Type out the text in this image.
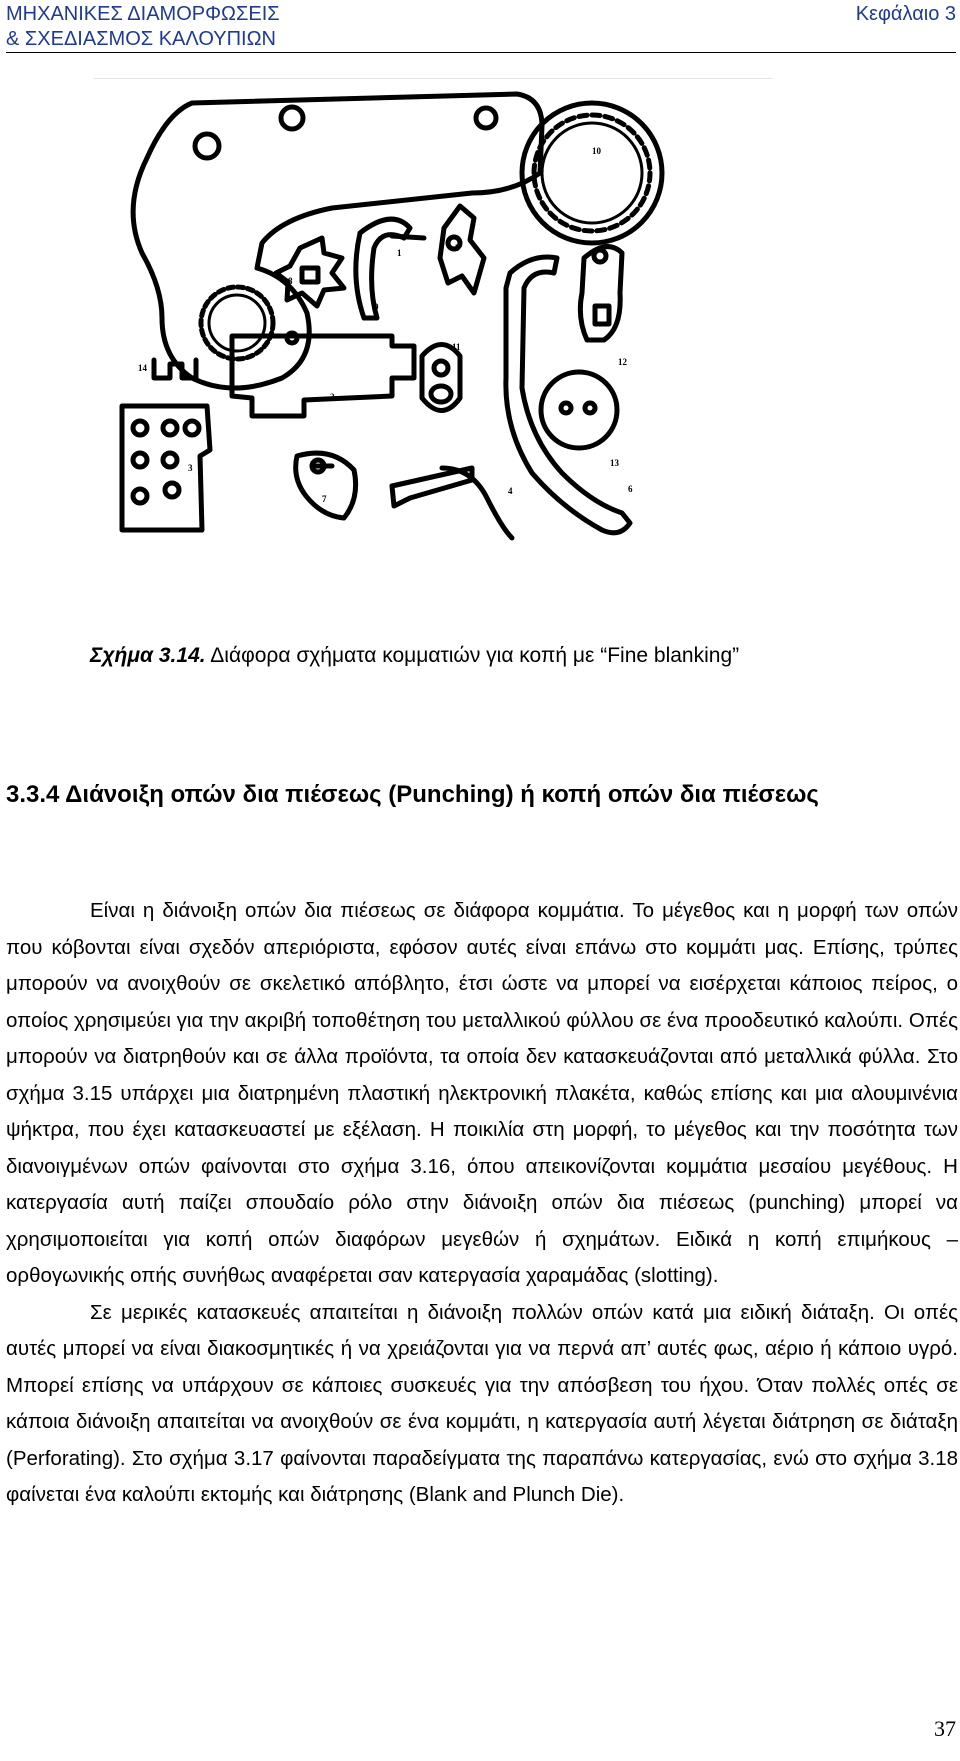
ΜΗΧΑΝΙΚΕΣ ΔΙΑΜΟΡΦΩΣΕΙΣ
& ΣΧΕΔΙΑΣΜΟΣ ΚΑΛΟΥΠΙΩΝ
Κεφάλαιο 3
1
2
3
4
5
6
7
8
9
10
11
12
13
14
Σχήμα 3.14. Διάφορα σχήματα κομματιών για κοπή με “Fine blanking”
3.3.4 Διάνοιξη οπών δια πιέσεως (Punching) ή κοπή οπών δια πιέσεως

Είναι η διάνοιξη οπών δια πιέσεως σε διάφορα κομμάτια. Το μέγεθος και η μορφή των οπών που κόβονται είναι σχεδόν απεριόριστα, εφόσον αυτές είναι επάνω στο κομμάτι μας. Επίσης, τρύπες μπορούν να ανοιχθούν σε σκελετικό απόβλητο, έτσι ώστε να μπορεί να εισέρχεται κάποιος πείρος, ο οποίος χρησιμεύει για την ακριβή τοποθέτηση του μεταλλικού φύλλου σε ένα προοδευτικό καλούπι. Οπές μπορούν να διατρηθούν και σε άλλα προϊόντα, τα οποία δεν κατασκευάζονται από μεταλλικά φύλλα. Στο σχήμα 3.15 υπάρχει μια διατρημένη πλαστική ηλεκτρονική πλακέτα, καθώς επίσης και μια αλουμινένια ψήκτρα, που έχει κατασκευαστεί με εξέλαση. Η ποικιλία στη μορφή, το μέγεθος και την ποσότητα των διανοιγμένων οπών φαίνονται στο σχήμα 3.16, όπου απεικονίζονται κομμάτια μεσαίου μεγέθους. Η κατεργασία αυτή παίζει σπουδαίο ρόλο στην διάνοιξη οπών δια πιέσεως (punching) μπορεί να χρησιμοποιείται για κοπή οπών διαφόρων μεγεθών ή σχημάτων. Ειδικά η κοπή επιμήκους – ορθογωνικής οπής συνήθως αναφέρεται σαν κατεργασία χαραμάδας (slotting).

Σε μερικές κατασκευές απαιτείται η διάνοιξη πολλών οπών κατά μια ειδική διάταξη. Οι οπές αυτές μπορεί να είναι διακοσμητικές ή να χρειάζονται για να περνά απ’ αυτές φως, αέριο ή κάποιο υγρό. Μπορεί επίσης να υπάρχουν σε κάποιες συσκευές για την απόσβεση του ήχου. Όταν πολλές οπές σε κάποια διάνοιξη απαιτείται να ανοιχθούν σε ένα κομμάτι, η κατεργασία αυτή λέγεται διάτρηση σε διάταξη (Perforating). Στο σχήμα 3.17 φαίνονται παραδείγματα της παραπάνω κατεργασίας, ενώ στο σχήμα 3.18 φαίνεται ένα καλούπι εκτομής και διάτρησης (Blank and Plunch Die).

37
